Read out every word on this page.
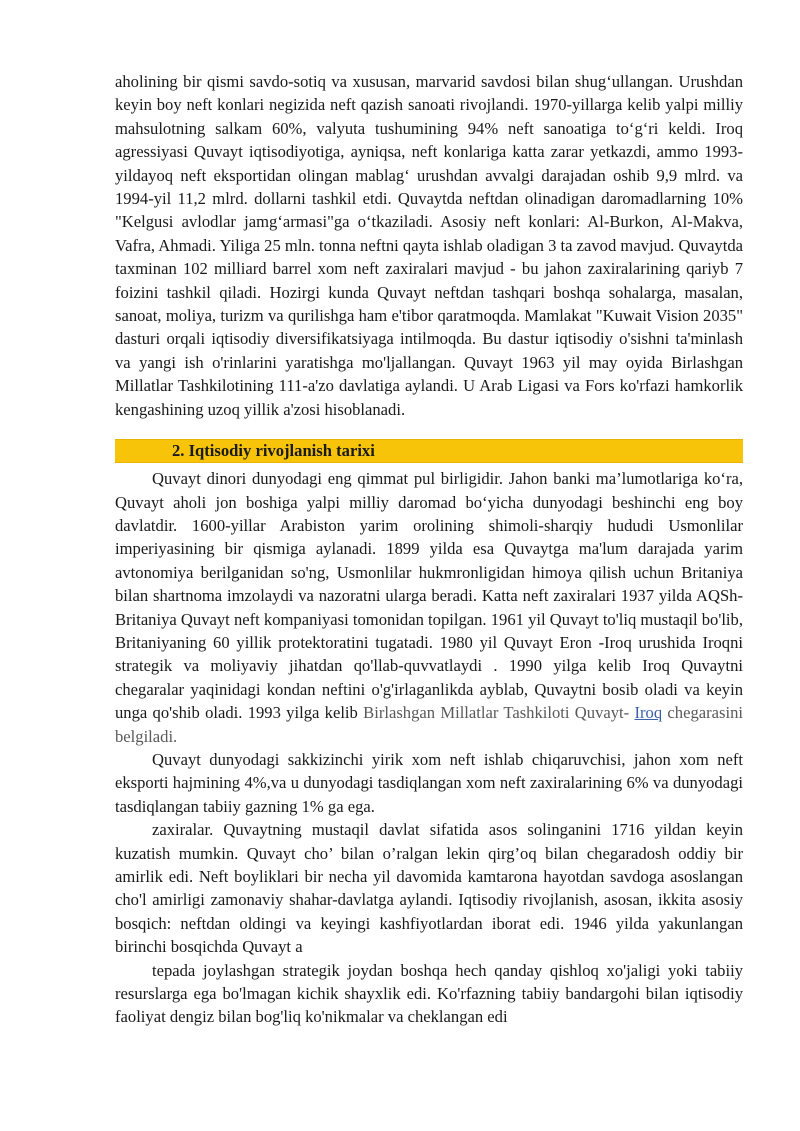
aholining bir qismi savdo-sotiq va xususan, marvarid savdosi bilan shug‘ullangan. Urushdan keyin boy neft konlari negizida neft qazish sanoati rivojlandi. 1970-yillarga kelib yalpi milliy mahsulotning salkam 60%, valyuta tushumining 94% neft sanoatiga to‘g‘ri keldi. Iroq agressiyasi Quvayt iqtisodiyotiga, ayniqsa, neft konlariga katta zarar yetkazdi, ammo 1993-yildayoq neft eksportidan olingan mablag‘ urushdan avvalgi darajadan oshib 9,9 mlrd. va 1994-yil 11,2 mlrd. dollarni tashkil etdi. Quvaytda neftdan olinadigan daromadlarning 10% "Kelgusi avlodlar jamg‘armasi"ga o‘tkaziladi. Asosiy neft konlari: Al-Burkon, Al-Makva, Vafra, Ahmadi. Yiliga 25 mln. tonna neftni qayta ishlab oladigan 3 ta zavod mavjud. Quvaytda taxminan 102 milliard barrel xom neft zaxiralari mavjud - bu jahon zaxiralarining qariyb 7 foizini tashkil qiladi. Hozirgi kunda Quvayt neftdan tashqari boshqa sohalarga, masalan, sanoat, moliya, turizm va qurilishga ham e'tibor qaratmoqda. Mamlakat "Kuwait Vision 2035" dasturi orqali iqtisodiy diversifikatsiyaga intilmoqda. Bu dastur iqtisodiy o'sishni ta'minlash va yangi ish o'rinlarini yaratishga mo'ljallangan. Quvayt 1963 yil may oyida Birlashgan Millatlar Tashkilotining 111-a'zo davlatiga aylandi. U Arab Ligasi va Fors ko'rfazi hamkorlik kengashining uzoq yillik a'zosi hisoblanadi.

2. Iqtisodiy rivojlanish tarixi

Quvayt dinori dunyodagi eng qimmat pul birligidir. Jahon banki ma’lumotlariga ko‘ra, Quvayt aholi jon boshiga yalpi milliy daromad bo‘yicha dunyodagi beshinchi eng boy davlatdir. 1600-yillar Arabiston yarim orolining shimoli-sharqiy hududi Usmonlilar imperiyasining bir qismiga aylanadi. 1899 yilda esa Quvaytga ma'lum darajada yarim avtonomiya berilganidan so'ng, Usmonlilar hukmronligidan himoya qilish uchun Britaniya bilan shartnoma imzolaydi va nazoratni ularga beradi. Katta neft zaxiralari 1937 yilda AQSh-Britaniya Quvayt neft kompaniyasi tomonidan topilgan. 1961 yil Quvayt to'liq mustaqil bo'lib, Britaniyaning 60 yillik protektoratini tugatadi. 1980 yil Quvayt Eron -Iroq urushida Iroqni strategik va moliyaviy jihatdan qo'llab-quvvatlaydi . 1990 yilga kelib Iroq Quvaytni chegaralar yaqinidagi kondan neftini o'g'irlaganlikda ayblab, Quvaytni bosib oladi va keyin unga qo'shib oladi. 1993 yilga kelib Birlashgan Millatlar Tashkiloti Quvayt- Iroq chegarasini belgiladi.

Quvayt dunyodagi sakkizinchi yirik xom neft ishlab chiqaruvchisi, jahon xom neft eksporti hajmining 4%,va u dunyodagi tasdiqlangan xom neft zaxiralarining 6% va dunyodagi tasdiqlangan tabiiy gazning 1% ga ega.

zaxiralar. Quvaytning mustaqil davlat sifatida asos solinganini 1716 yildan keyin kuzatish mumkin. Quvayt cho’ bilan o’ralgan lekin qirg’oq bilan chegaradosh oddiy bir amirlik edi. Neft boyliklari bir necha yil davomida kamtarona hayotdan savdoga asoslangan cho'l amirligi zamonaviy shahar-davlatga aylandi. Iqtisodiy rivojlanish, asosan, ikkita asosiy bosqich: neftdan oldingi va keyingi kashfiyotlardan iborat edi. 1946 yilda yakunlangan birinchi bosqichda Quvayt a

tepada joylashgan strategik joydan boshqa hech qanday qishloq xo'jaligi yoki tabiiy resurslarga ega bo'lmagan kichik shayxlik edi. Ko'rfazning tabiiy bandargohi bilan iqtisodiy faoliyat dengiz bilan bog'liq ko'nikmalar va cheklangan edi
